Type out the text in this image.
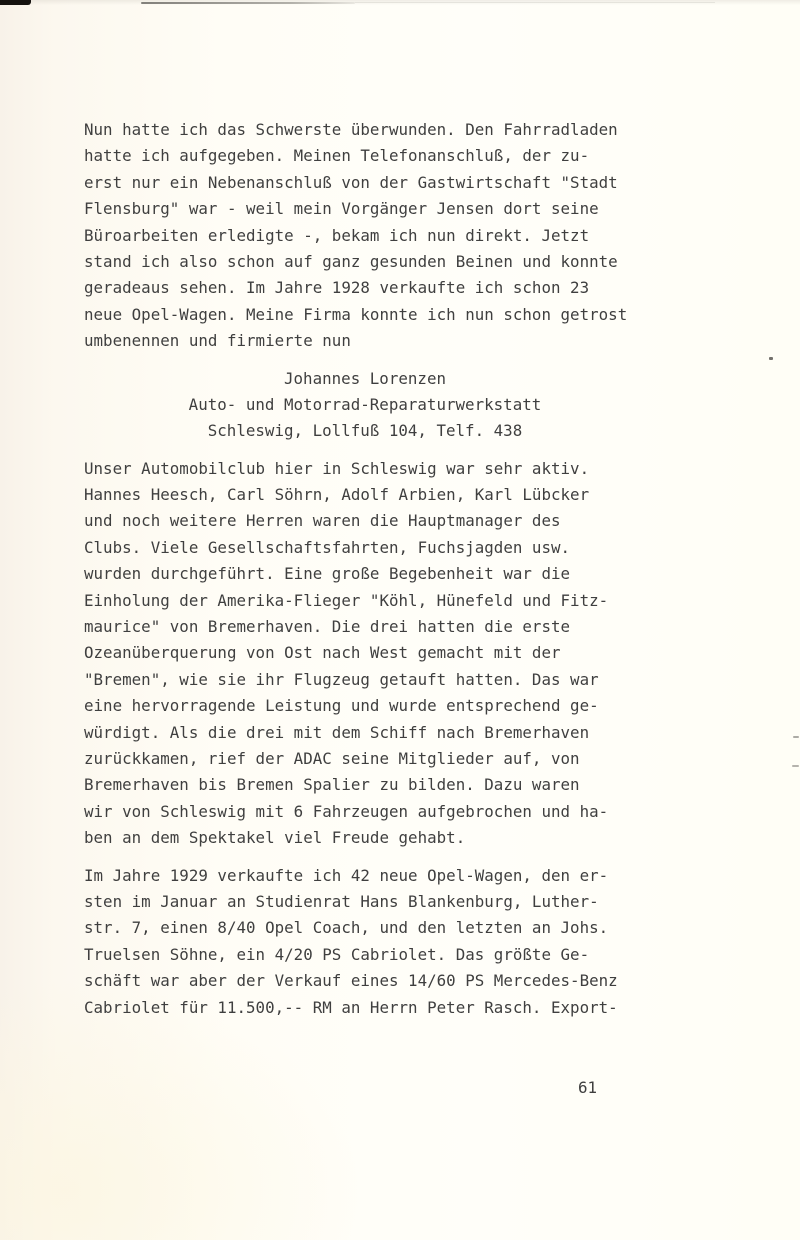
Nun hatte ich das Schwerste überwunden. Den Fahrradladen
hatte ich aufgegeben. Meinen Telefonanschluß, der zu-
erst nur ein Nebenanschluß von der Gastwirtschaft "Stadt
Flensburg" war - weil mein Vorgänger Jensen dort seine
Büroarbeiten erledigte -, bekam ich nun direkt. Jetzt
stand ich also schon auf ganz gesunden Beinen und konnte
geradeaus sehen. Im Jahre 1928 verkaufte ich schon 23
neue Opel-Wagen. Meine Firma konnte ich nun schon getrost
umbenennen und firmierte nun
Johannes Lorenzen
Auto- und Motorrad-Reparaturwerkstatt
Schleswig, Lollfuß 104, Telf. 438
Unser Automobilclub hier in Schleswig war sehr aktiv.
Hannes Heesch, Carl Söhrn, Adolf Arbien, Karl Lübcker
und noch weitere Herren waren die Hauptmanager des
Clubs. Viele Gesellschaftsfahrten, Fuchsjagden usw.
wurden durchgeführt. Eine große Begebenheit war die
Einholung der Amerika-Flieger "Köhl, Hünefeld und Fitz-
maurice" von Bremerhaven. Die drei hatten die erste
Ozeanüberquerung von Ost nach West gemacht mit der
"Bremen", wie sie ihr Flugzeug getauft hatten. Das war
eine hervorragende Leistung und wurde entsprechend ge-
würdigt. Als die drei mit dem Schiff nach Bremerhaven
zurückkamen, rief der ADAC seine Mitglieder auf, von
Bremerhaven bis Bremen Spalier zu bilden. Dazu waren
wir von Schleswig mit 6 Fahrzeugen aufgebrochen und ha-
ben an dem Spektakel viel Freude gehabt.
Im Jahre 1929 verkaufte ich 42 neue Opel-Wagen, den er-
sten im Januar an Studienrat Hans Blankenburg, Luther-
str. 7, einen 8/40 Opel Coach, und den letzten an Johs.
Truelsen Söhne, ein 4/20 PS Cabriolet. Das größte Ge-
schäft war aber der Verkauf eines 14/60 PS Mercedes-Benz
Cabriolet für 11.500,-- RM an Herrn Peter Rasch. Export-
61
